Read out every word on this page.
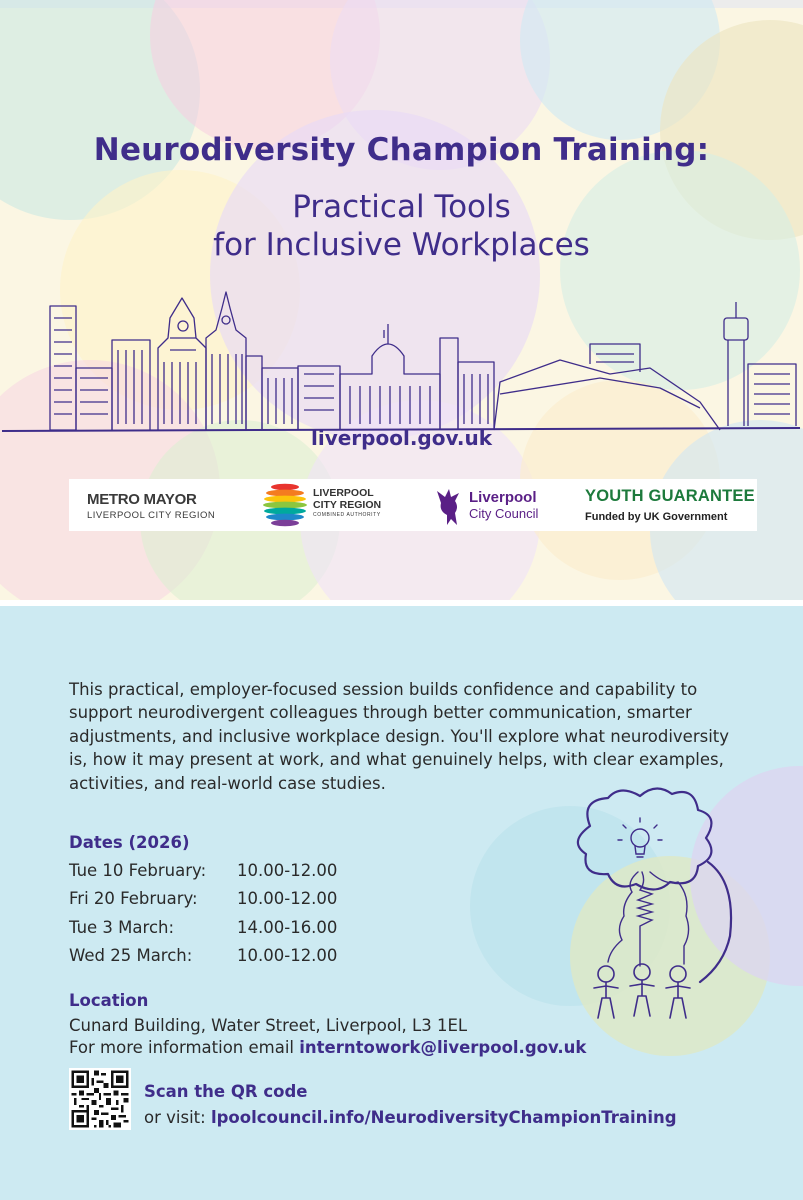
Neurodiversity Champion Training:
Practical Tools
for Inclusive Workplaces
liverpool.gov.uk
METRO MAYOR
LIVERPOOL CITY REGION
LIVERPOOL
CITY REGION
COMBINED AUTHORITY
Liverpool
City Council
YOUTH GUARANTEE
Funded by UK Government

This practical, employer-focused session builds confidence and capability to support neurodivergent colleagues through better communication, smarter adjustments, and inclusive workplace design. You'll explore what neurodiversity is, how it may present at work, and what genuinely helps, with clear examples, activities, and real-world case studies.

Dates (2026)
Tue 10 February: 10.00-12.00
Fri 20 February: 10.00-12.00
Tue 3 March:	14.00-16.00
Wed 25 March:	10.00-12.00
Location
Cunard Building, Water Street, Liverpool, L3 1EL
For more information email interntowork@liverpool.gov.uk
Scan the QR code
or visit: lpoolcouncil.info/NeurodiversityChampionTraining
